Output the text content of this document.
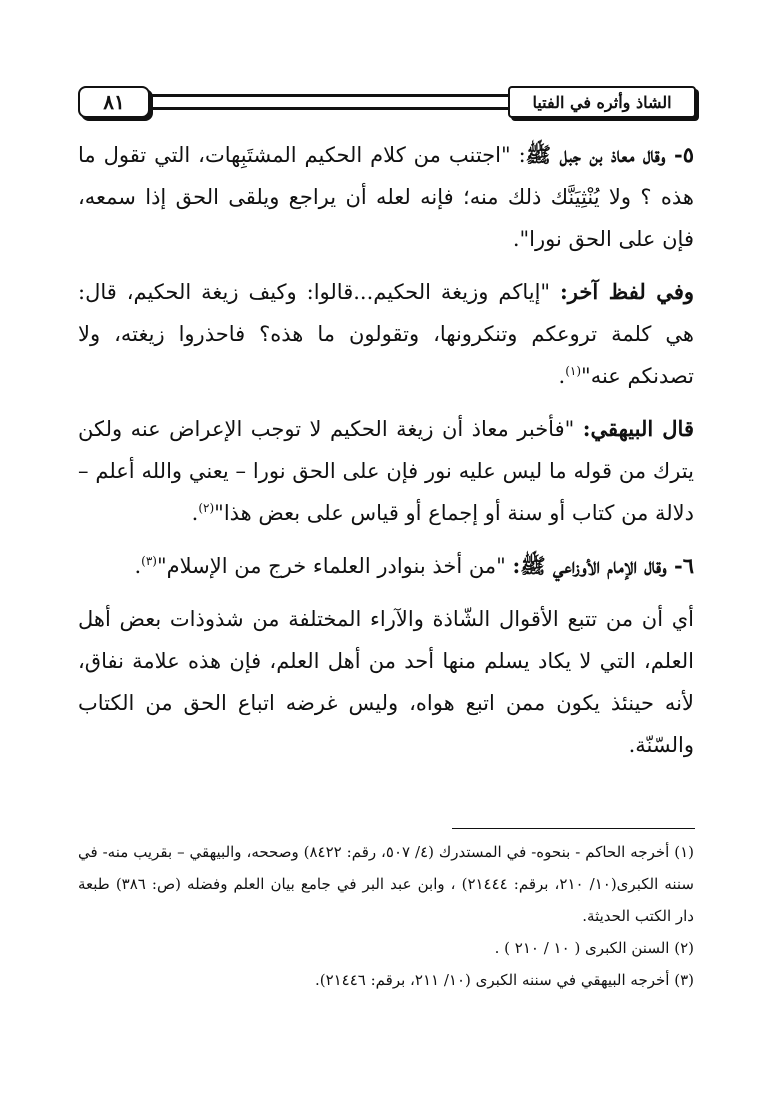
٨١	الشاذ وأثره في الفتيا

٥- وقال معاذ بن جبل ﷺ: "اجتنب من كلام الحكيم المشتَبِهات، التي تقول ما هذه ؟ ولا يُنْثِيَنَّك ذلك منه؛ فإنه لعله أن يراجع ويلقى الحق إذا سمعه، فإن على الحق نورا".

وفي لفظ آخر: "إياكم وزيغة الحكيم...قالوا: وكيف زيغة الحكيم، قال: هي كلمة تروعكم وتنكرونها، وتقولون ما هذه؟ فاحذروا زيغته، ولا تصدنكم عنه"$^{(١)}$.

قال البيهقي: "فأخبر معاذ أن زيغة الحكيم لا توجب الإعراض عنه ولكن يترك من قوله ما ليس عليه نور فإن على الحق نورا – يعني والله أعلم – دلالة من كتاب أو سنة أو إجماع أو قياس على بعض هذا"$^{(٢)}$.

٦- وقال الإمام الأوزاعي ﷺ: "من أخذ بنوادر العلماء خرج من الإسلام"$^{(٣)}$.

أي أن من تتبع الأقوال الشّاذة والآراء المختلفة من شذوذات بعض أهل العلم، التي لا يكاد يسلم منها أحد من أهل العلم، فإن هذه علامة نفاق، لأنه حينئذ يكون ممن اتبع هواه، وليس غرضه اتباع الحق من الكتاب والسّنّة.

(١) أخرجه الحاكم - بنحوه- في المستدرك (٤/ ٥٠٧، رقم: ٨٤٢٢) وصححه، والبيهقي – بقريب منه- في سننه الكبرى(١٠/ ٢١٠، برقم: ٢١٤٤٤) ، وابن عبد البر في جامع بيان العلم وفضله (ص: ٣٨٦) طبعة دار الكتب الحديثة.

(٢) السنن الكبرى ( ١٠ / ٢١٠ ) .

(٣) أخرجه البيهقي في سننه الكبرى (١٠/ ٢١١، برقم: ٢١٤٤٦).
